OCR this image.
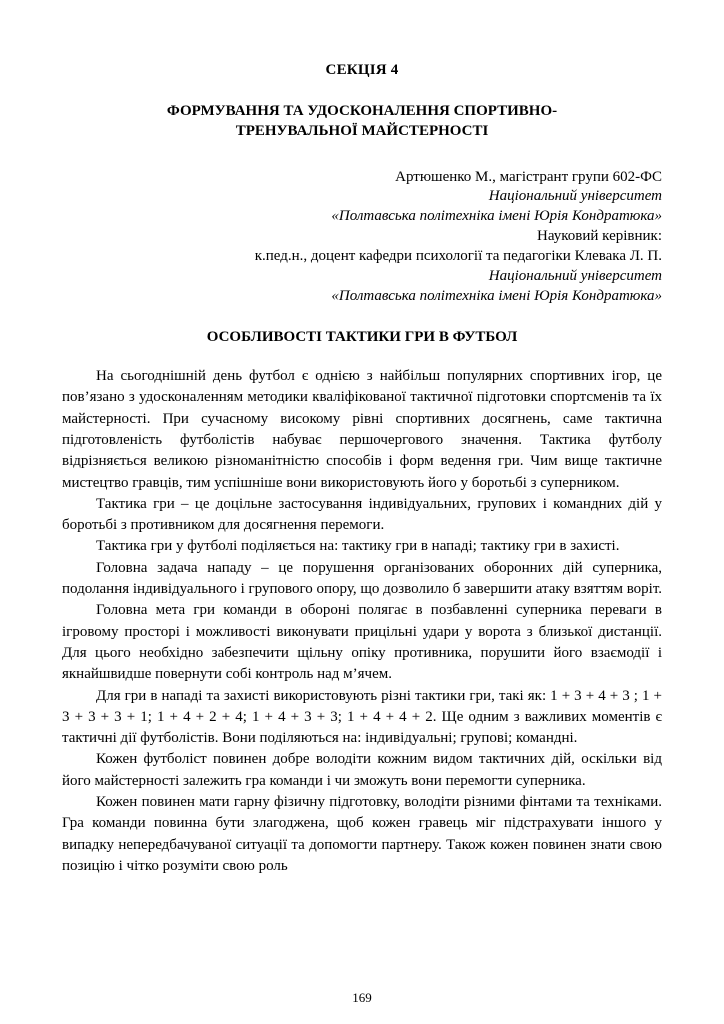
СЕКЦІЯ 4
ФОРМУВАННЯ ТА УДОСКОНАЛЕННЯ СПОРТИВНО-
ТРЕНУВАЛЬНОЇ МАЙСТЕРНОСТІ
Артюшенко М., магістрант групи 602-ФС
Національний університет
«Полтавська політехніка імені Юрія Кондратюка»
Науковий керівник:
к.пед.н., доцент кафедри психології та педагогіки Клевака Л. П.
Національний університет
«Полтавська політехніка імені Юрія Кондратюка»
ОСОБЛИВОСТІ ТАКТИКИ ГРИ В ФУТБОЛ

На сьогоднішній день футбол є однією з найбільш популярних спортивних ігор, це пов’язано з удосконаленням методики кваліфікованої тактичної підготовки спортсменів та їх майстерності. При сучасному високому рівні спортивних досягнень, саме тактична підготовленість футболістів набуває першочергового значення. Тактика футболу відрізняється великою різноманітністю способів і форм ведення гри. Чим вище тактичне мистецтво гравців, тим успішніше вони використовують його у боротьбі з суперником.

Тактика гри – це доцільне застосування індивідуальних, групових і командних дій у боротьбі з противником для досягнення перемоги.

Тактика гри у футболі поділяється на: тактику гри в нападі; тактику гри в захисті.

Головна задача нападу – це порушення організованих оборонних дій суперника, подолання індивідуального і групового опору, що дозволило б завершити атаку взяттям воріт.

Головна мета гри команди в обороні полягає в позбавленні суперника переваги в ігровому просторі і можливості виконувати прицільні удари у ворота з близької дистанції. Для цього необхідно забезпечити щільну опіку противника, порушити його взаємодії і якнайшвидше повернути собі контроль над м’ячем.

Для гри в нападі та захисті використовують різні тактики гри, такі як: 1 + 3 + 4 + 3 ; 1 + 3 + 3 + 3 + 1; 1 + 4 + 2 + 4; 1 + 4 + 3 + 3; 1 + 4 + 4 + 2. Ще одним з важливих моментів є тактичні дії футболістів. Вони поділяються на: індивідуальні; групові; командні.

Кожен футболіст повинен добре володіти кожним видом тактичних дій, оскільки від його майстерності залежить гра команди і чи зможуть вони перемогти суперника.

Кожен повинен мати гарну фізичну підготовку, володіти різними фінтами та техніками. Гра команди повинна бути злагоджена, щоб кожен гравець міг підстрахувати іншого у випадку непередбачуваної ситуації та допомогти партнеру. Також кожен повинен знати свою позицію і чітко розуміти свою роль

169
